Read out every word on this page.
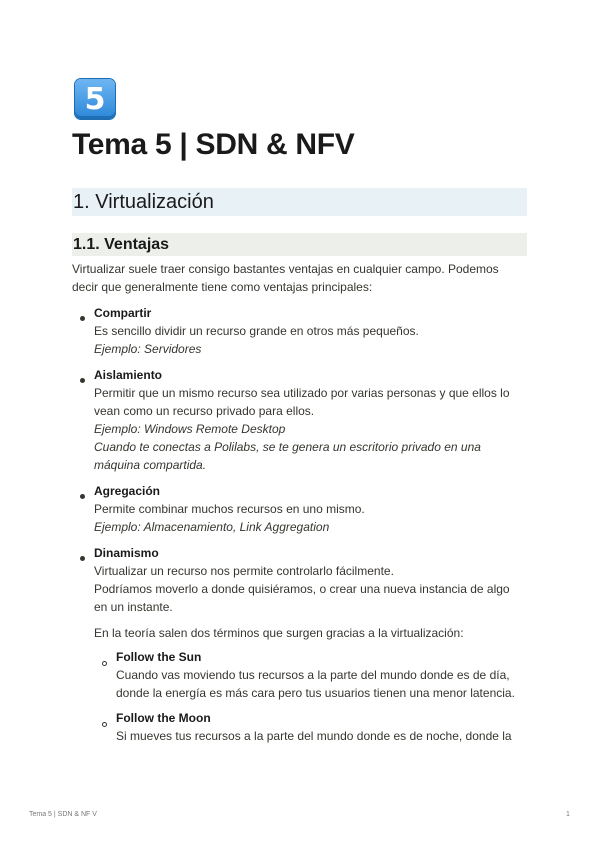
5
Tema 5 | SDN & NFV
1. Virtualización
1.1. Ventajas
Virtualizar suele traer consigo bastantes ventajas en cualquier campo. Podemos
decir que generalmente tiene como ventajas principales:
Compartir
Es sencillo dividir un recurso grande en otros más pequeños.
Ejemplo: Servidores
Aislamiento
Permitir que un mismo recurso sea utilizado por varias personas y que ellos lo
vean como un recurso privado para ellos.
Ejemplo: Windows Remote Desktop
Cuando te conectas a Polilabs, se te genera un escritorio privado en una
máquina compartida.
Agregación
Permite combinar muchos recursos en uno mismo.
Ejemplo: Almacenamiento, Link Aggregation
Dinamismo
Virtualizar un recurso nos permite controlarlo fácilmente.
Podríamos moverlo a donde quisiéramos, o crear una nueva instancia de algo
en un instante.
En la teoría salen dos términos que surgen gracias a la virtualización:
Follow the Sun
Cuando vas moviendo tus recursos a la parte del mundo donde es de día,
donde la energía es más cara pero tus usuarios tienen una menor latencia.
Follow the Moon
Si mueves tus recursos a la parte del mundo donde es de noche, donde la
Tema 5 | SDN & NF V	1
